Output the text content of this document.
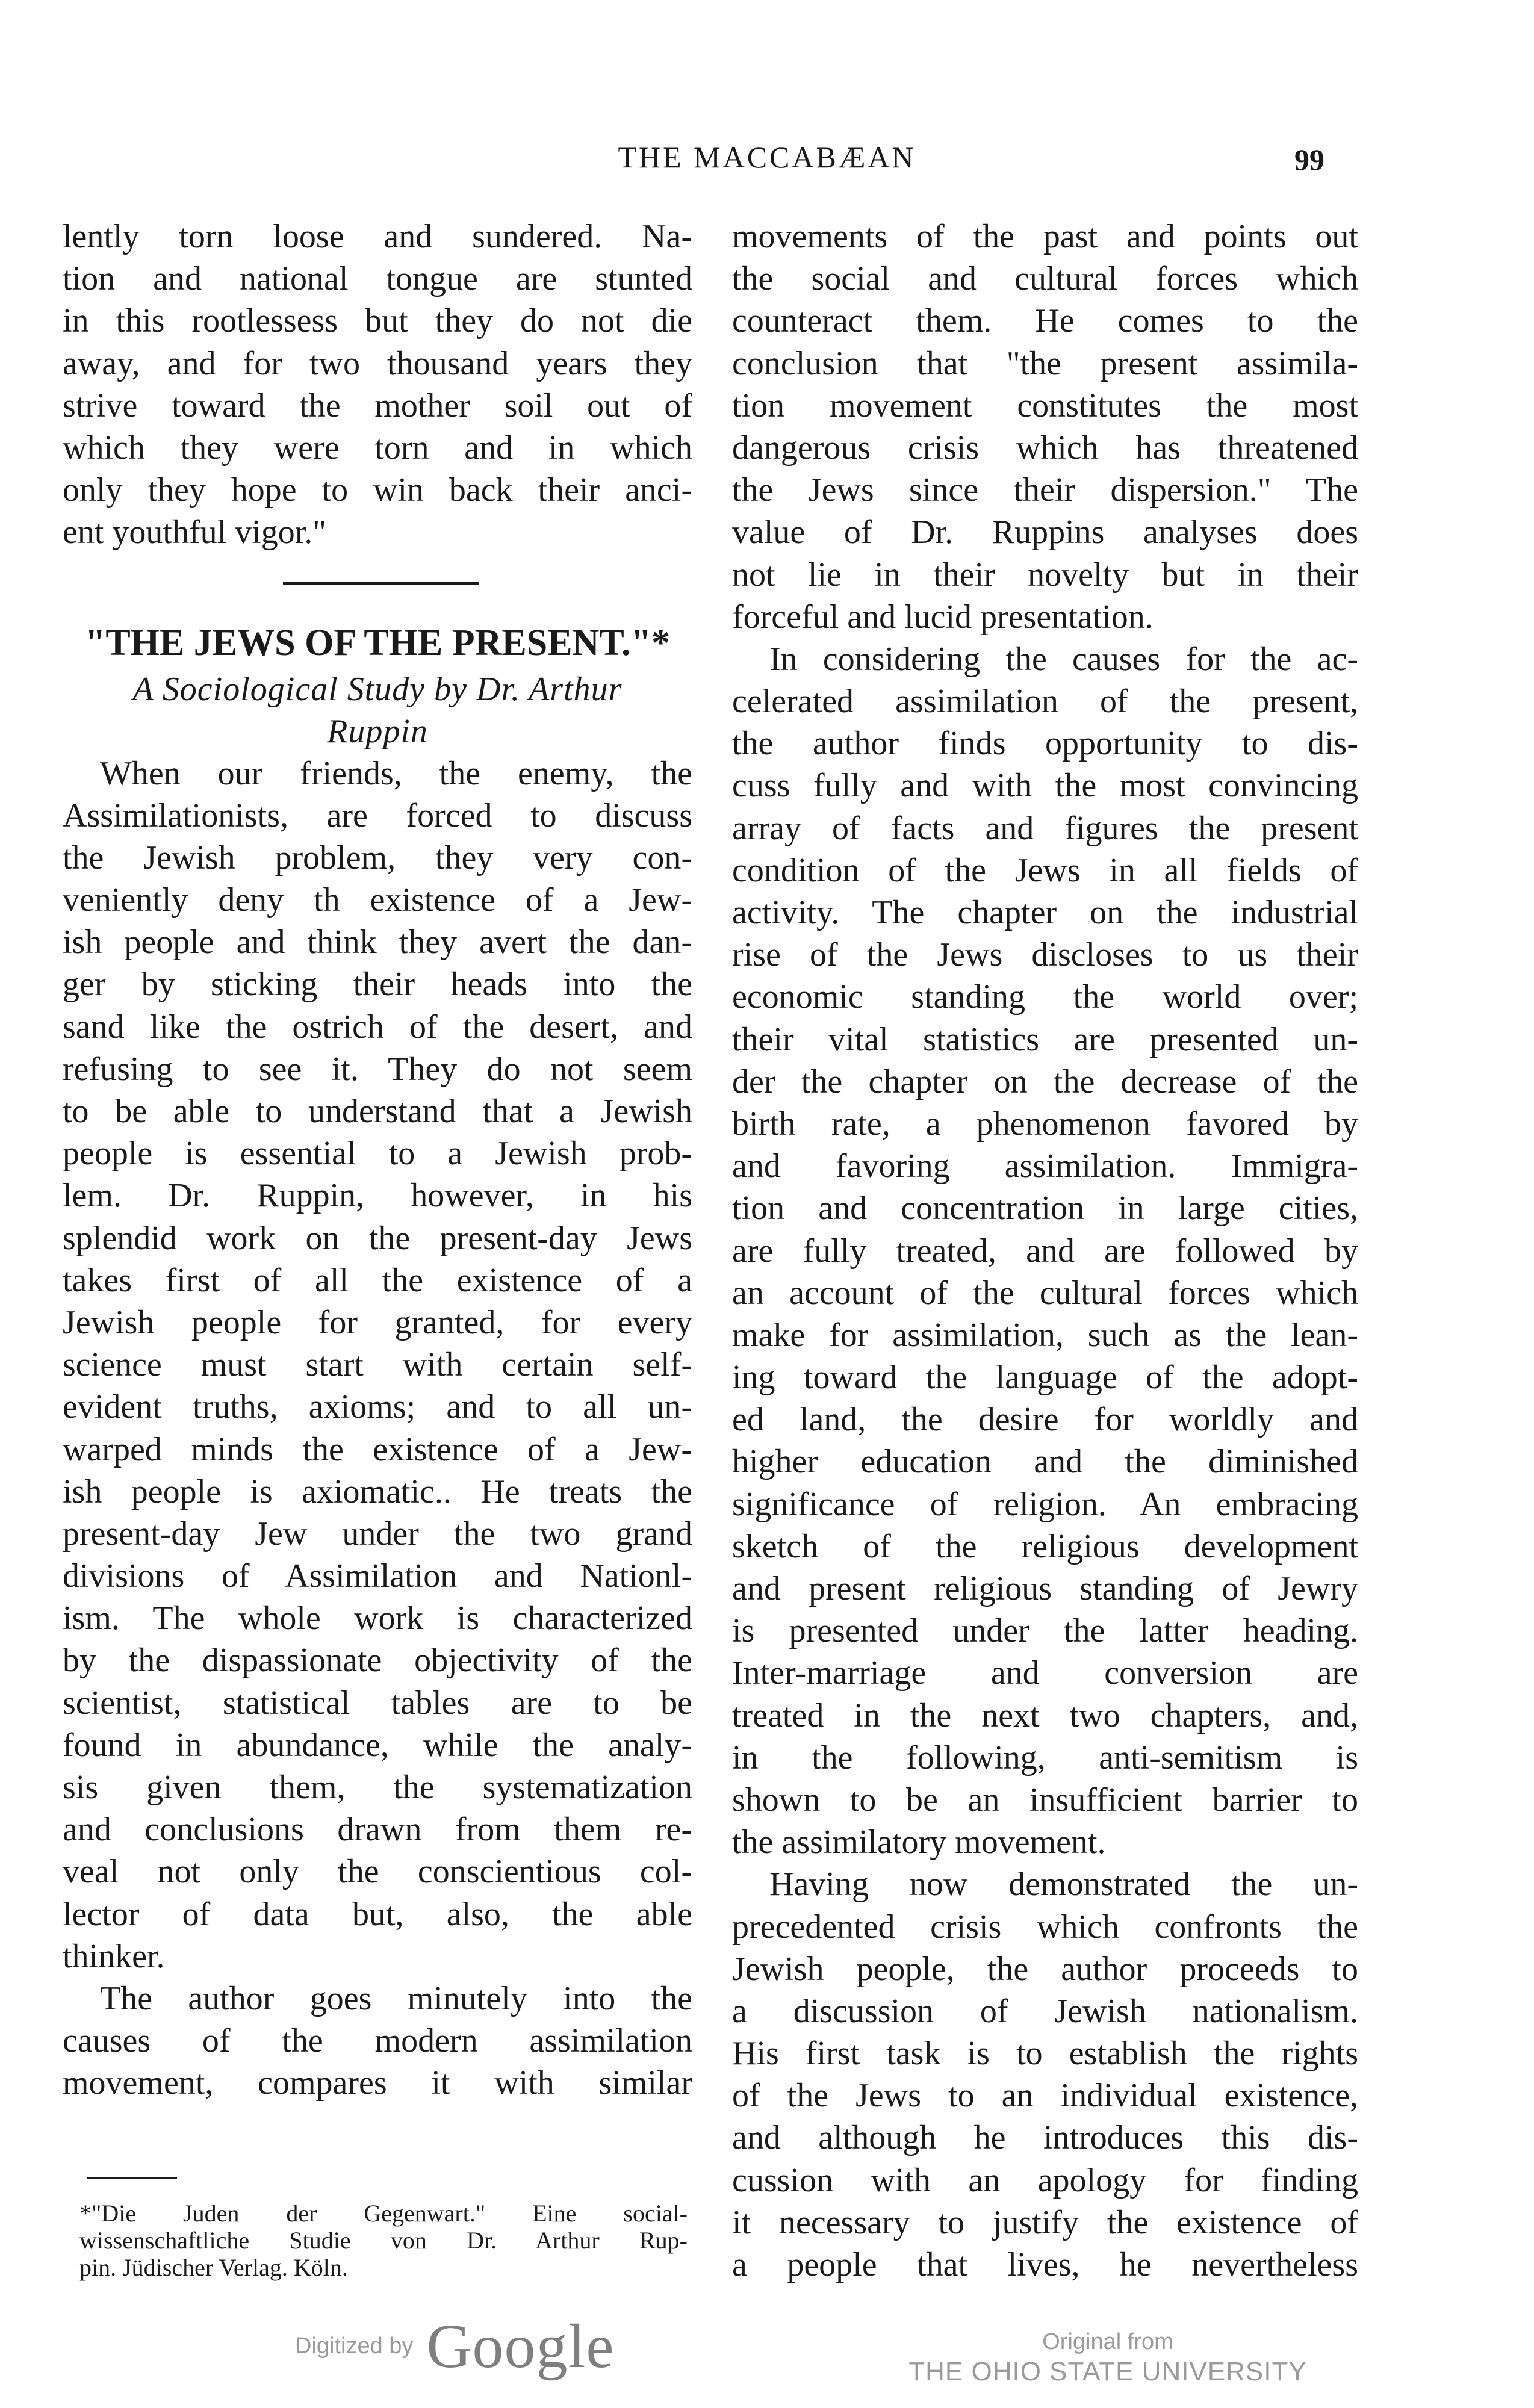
THE MACCABÆAN	99
lently torn loose and sundered. Na-
tion and national tongue are stunted
in this rootlessess but they do not die
away, and for two thousand years they
strive toward the mother soil out of
which they were torn and in which
only they hope to win back their anci-
ent youthful vigor."
"THE JEWS OF THE PRESENT."*
A Sociological Study by Dr. Arthur
Ruppin
When our friends, the enemy, the
Assimilationists, are forced to discuss
the Jewish problem, they very con-
veniently deny th existence of a Jew-
ish people and think they avert the dan-
ger by sticking their heads into the
sand like the ostrich of the desert, and
refusing to see it. They do not seem
to be able to understand that a Jewish
people is essential to a Jewish prob-
lem. Dr. Ruppin, however, in his
splendid work on the present-day Jews
takes first of all the existence of a
Jewish people for granted, for every
science must start with certain self-
evident truths, axioms; and to all un-
warped minds the existence of a Jew-
ish people is axiomatic.. He treats the
present-day Jew under the two grand
divisions of Assimilation and Nationl-
ism. The whole work is characterized
by the dispassionate objectivity of the
scientist, statistical tables are to be
found in abundance, while the analy-
sis given them, the systematization
and conclusions drawn from them re-
veal not only the conscientious col-
lector of data but, also, the able
thinker.
The author goes minutely into the
causes of the modern assimilation
movement, compares it with similar
*"Die Juden der Gegenwart." Eine social-
wissenschaftliche Studie von Dr. Arthur Rup-
pin. Jüdischer Verlag. Köln.
movements of the past and points out
the social and cultural forces which
counteract them. He comes to the
conclusion that "the present assimila-
tion movement constitutes the most
dangerous crisis which has threatened
the Jews since their dispersion." The
value of Dr. Ruppins analyses does
not lie in their novelty but in their
forceful and lucid presentation.
In considering the causes for the ac-
celerated assimilation of the present,
the author finds opportunity to dis-
cuss fully and with the most convincing
array of facts and figures the present
condition of the Jews in all fields of
activity. The chapter on the industrial
rise of the Jews discloses to us their
economic standing the world over;
their vital statistics are presented un-
der the chapter on the decrease of the
birth rate, a phenomenon favored by
and favoring assimilation. Immigra-
tion and concentration in large cities,
are fully treated, and are followed by
an account of the cultural forces which
make for assimilation, such as the lean-
ing toward the language of the adopt-
ed land, the desire for worldly and
higher education and the diminished
significance of religion. An embracing
sketch of the religious development
and present religious standing of Jewry
is presented under the latter heading.
Inter-marriage and conversion are
treated in the next two chapters, and,
in the following, anti-semitism is
shown to be an insufficient barrier to
the assimilatory movement.
Having now demonstrated the un-
precedented crisis which confronts the
Jewish people, the author proceeds to
a discussion of Jewish nationalism.
His first task is to establish the rights
of the Jews to an individual existence,
and although he introduces this dis-
cussion with an apology for finding
it necessary to justify the existence of
a people that lives, he nevertheless
Digitized by Google	Original from
THE OHIO STATE UNIVERSITY
